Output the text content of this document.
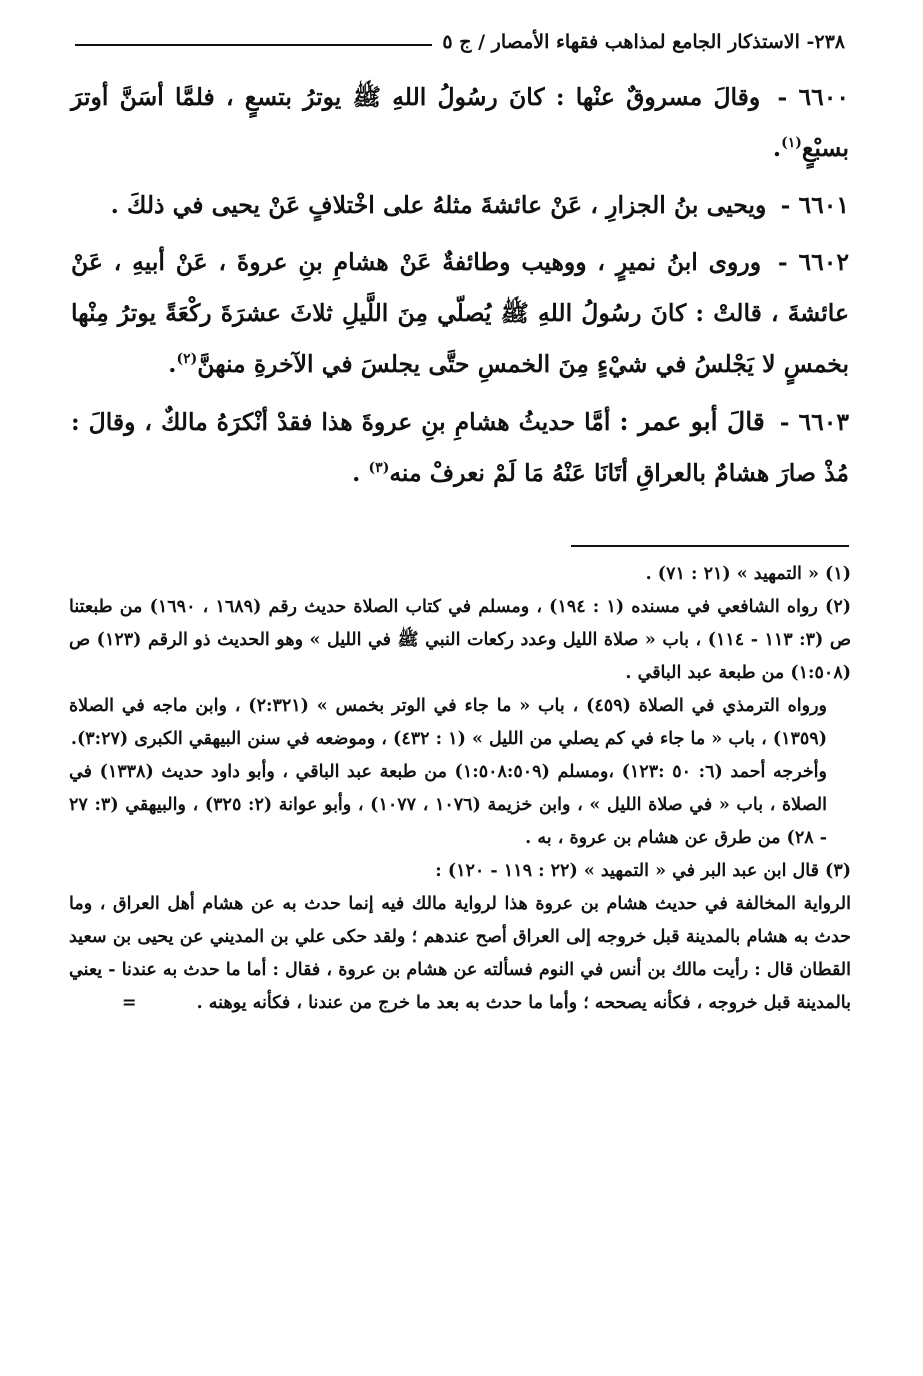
٢٣٨- الاستذكار الجامع لمذاهب فقهاء الأمصار / ج ٥

٦٦٠٠ - وقالَ مسروقٌ عنْها : كانَ رسُولُ اللهِ ﷺ يوترُ بتسعٍ ، فلمَّا أسَنَّ أوترَ بسبْعٍ$^{(١)}$.

٦٦٠١ - ويحيى بنُ الجزارِ ، عَنْ عائشةَ مثلهُ على اخْتلافٍ عَنْ يحيى في ذلكَ .

٦٦٠٢ - وروى ابنُ نميرٍ ، ووهيب وطائفةٌ عَنْ هشامِ بنِ عروةَ ، عَنْ أبيهِ ، عَنْ عائشةَ ، قالتْ : كانَ رسُولُ اللهِ ﷺ يُصلّي مِنَ اللَّيلِ ثلاثَ عشرَةَ ركْعَةً يوترُ مِنْها بخمسٍ لا يَجْلسُ في شيْءٍ مِنَ الخمسِ حتَّى يجلسَ في الآخرةِ منهنَّ$^{(٢)}$.

٦٦٠٣ - قالَ أبو عمر : أمَّا حديثُ هشامِ بنِ عروةَ هذا فقدْ أنْكرَهُ مالكٌ ، وقالَ : مُذْ صارَ هشامٌ بالعراقِ أتَانَا عَنْهُ مَا لَمْ نعرفْ منه$^{(٣)}$ .

(١) « التمهيد » (٢١ : ٧١) .

(٢) رواه الشافعي في مسنده (١ : ١٩٤) ، ومسلم في كتاب الصلاة حديث رقم (١٦٨٩ ، ١٦٩٠) من طبعتنا ص (٣: ١١٣ - ١١٤) ، باب « صلاة الليل وعدد ركعات النبي ﷺ في الليل » وهو الحديث ذو الرقم (١٢٣) ص (١:٥٠٨) من طبعة عبد الباقي .

ورواه الترمذي في الصلاة (٤٥٩) ، باب « ما جاء في الوتر بخمس » (٢:٣٢١) ، وابن ماجه في الصلاة (١٣٥٩) ، باب « ما جاء في كم يصلي من الليل » (١ : ٤٣٢) ، وموضعه في سنن البيهقي الكبرى (٣:٢٧).

وأخرجه أحمد (٦: ٥٠ :١٢٣) ،ومسلم (١:٥٠٨:٥٠٩) من طبعة عبد الباقي ، وأبو داود حديث (١٣٣٨) في الصلاة ، باب « في صلاة الليل » ، وابن خزيمة (١٠٧٦ ، ١٠٧٧) ، وأبو عوانة (٢: ٣٢٥) ، والبيهقي (٣: ٢٧ - ٢٨) من طرق عن هشام بن عروة ، به .

(٣) قال ابن عبد البر في « التمهيد » (٢٢ : ١١٩ - ١٢٠) :

الرواية المخالفة في حديث هشام بن عروة هذا لرواية مالك فيه إنما حدث به عن هشام أهل العراق ، وما حدث به هشام بالمدينة قبل خروجه إلى العراق أصح عندهم ؛ ولقد حكى علي بن المديني عن يحيى بن سعيد القطان قال : رأيت مالك بن أنس في النوم فسألته عن هشام بن عروة ، فقال : أما ما حدث به عندنا - يعني بالمدينة قبل خروجه ، فكأنه يصححه ؛ وأما ما حدث به بعد ما خرج من عندنا ، فكأنه يوهنه .=
